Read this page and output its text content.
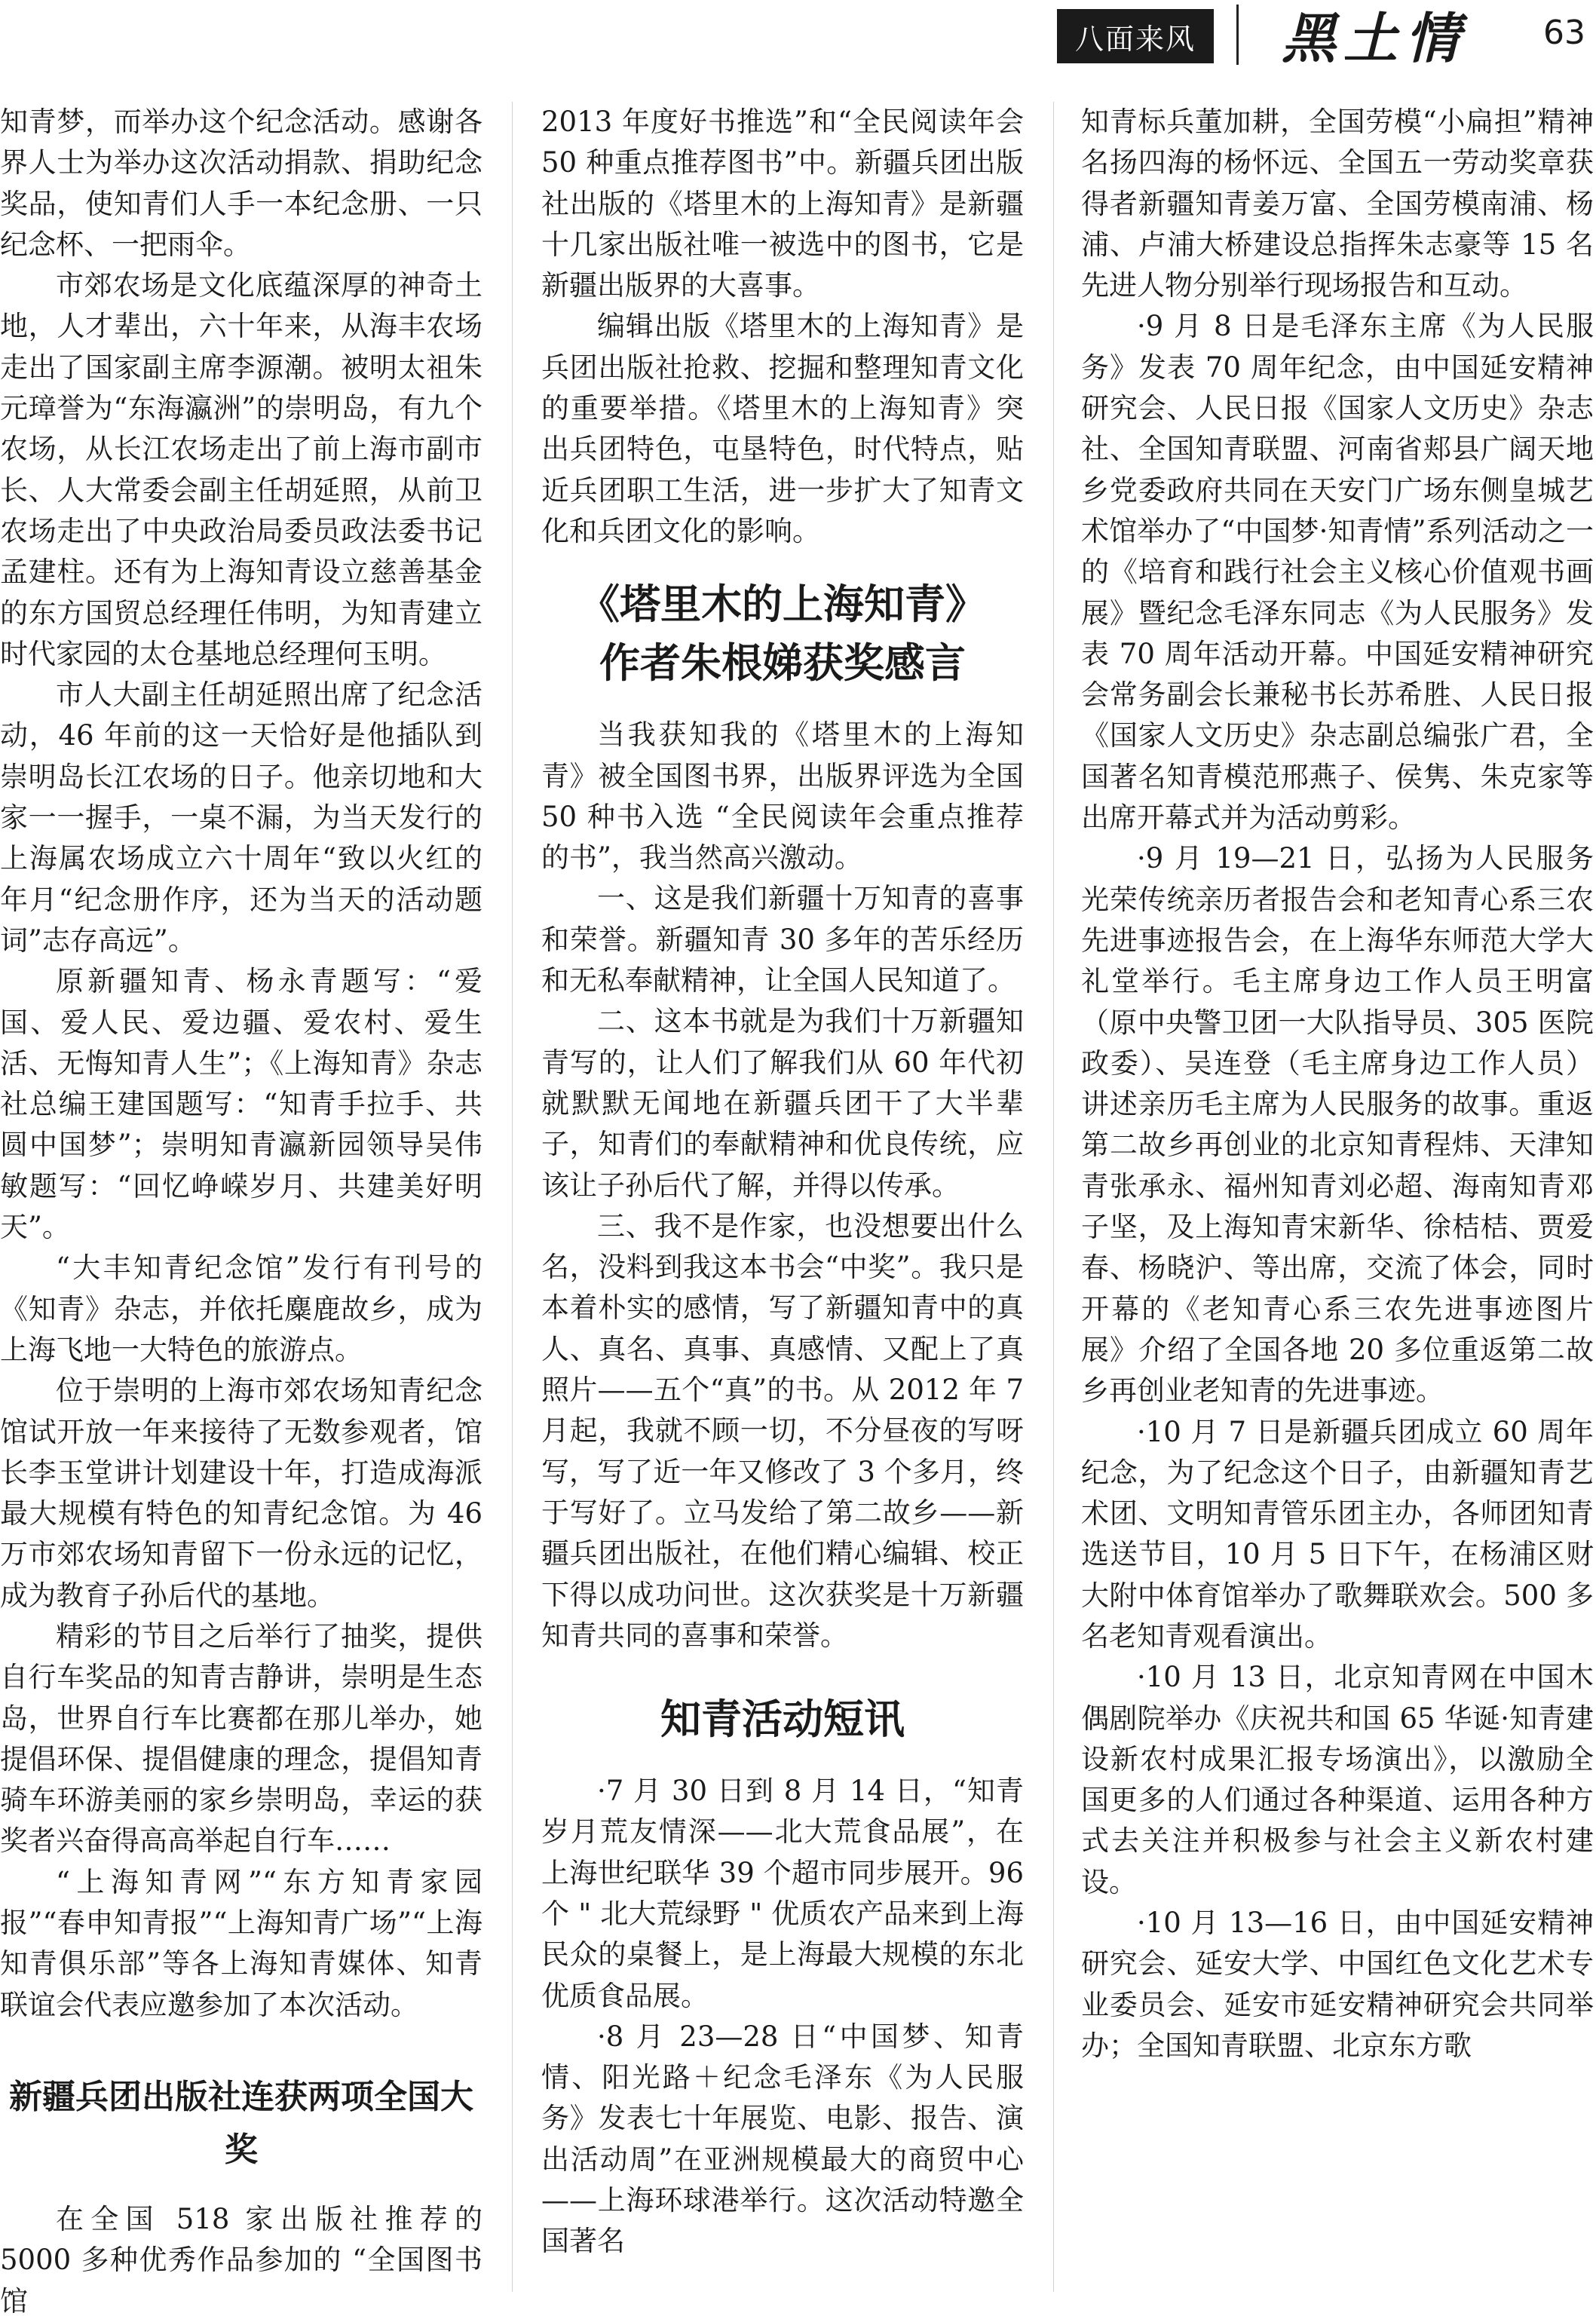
八面来风	黑土情 63

知青梦，而举办这个纪念活动。感谢各界人士为举办这次活动捐款、捐助纪念奖品，使知青们人手一本纪念册、一只纪念杯、一把雨伞。

市郊农场是文化底蕴深厚的神奇土地，人才辈出，六十年来，从海丰农场走出了国家副主席李源潮。被明太祖朱元璋誉为“东海瀛洲”的崇明岛，有九个农场，从长江农场走出了前上海市副市长、人大常委会副主任胡延照，从前卫农场走出了中央政治局委员政法委书记孟建柱。还有为上海知青设立慈善基金的东方国贸总经理任伟明，为知青建立时代家园的太仓基地总经理何玉明。

市人大副主任胡延照出席了纪念活动，46 年前的这一天恰好是他插队到崇明岛长江农场的日子。他亲切地和大家一一握手，一桌不漏，为当天发行的上海属农场成立六十周年“致以火红的年月“纪念册作序，还为当天的活动题词”志存高远”。

原新疆知青、杨永青题写：“爱国、爱人民、爱边疆、爱农村、爱生活、无悔知青人生”；《上海知青》杂志社总编王建国题写：“知青手拉手、共圆中国梦”；崇明知青瀛新园领导吴伟敏题写：“回忆峥嵘岁月、共建美好明天”。

“大丰知青纪念馆”发行有刊号的《知青》杂志，并依托麋鹿故乡，成为上海飞地一大特色的旅游点。

位于崇明的上海市郊农场知青纪念馆试开放一年来接待了无数参观者，馆长李玉堂讲计划建设十年，打造成海派最大规模有特色的知青纪念馆。为 46 万市郊农场知青留下一份永远的记忆，成为教育子孙后代的基地。

精彩的节目之后举行了抽奖，提供自行车奖品的知青吉静讲，崇明是生态岛，世界自行车比赛都在那儿举办，她提倡环保、提倡健康的理念，提倡知青骑车环游美丽的家乡崇明岛，幸运的获奖者兴奋得高高举起自行车……

“上海知青网”“东方知青家园报”“春申知青报”“上海知青广场”“上海知青俱乐部”等各上海知青媒体、知青联谊会代表应邀参加了本次活动。

新疆兵团出版社连获两项全国大奖

在全国 518 家出版社推荐的 5000 多种优秀作品参加的 “全国图书馆

2013 年度好书推选”和“全民阅读年会 50 种重点推荐图书”中。新疆兵团出版社出版的《塔里木的上海知青》是新疆十几家出版社唯一被选中的图书，它是新疆出版界的大喜事。

编辑出版《塔里木的上海知青》是兵团出版社抢救、挖掘和整理知青文化的重要举措。《塔里木的上海知青》突出兵团特色，屯垦特色，时代特点，贴近兵团职工生活，进一步扩大了知青文化和兵团文化的影响。

《塔里木的上海知青》
作者朱根娣获奖感言

当我获知我的《塔里木的上海知青》被全国图书界，出版界评选为全国 50 种书入选 “全民阅读年会重点推荐的书”，我当然高兴激动。

一、这是我们新疆十万知青的喜事和荣誉。新疆知青 30 多年的苦乐经历和无私奉献精神，让全国人民知道了。

二、这本书就是为我们十万新疆知青写的，让人们了解我们从 60 年代初就默默无闻地在新疆兵团干了大半辈子，知青们的奉献精神和优良传统，应该让子孙后代了解，并得以传承。

三、我不是作家，也没想要出什么名，没料到我这本书会“中奖”。我只是本着朴实的感情，写了新疆知青中的真人、真名、真事、真感情、又配上了真照片——五个“真”的书。从 2012 年 7 月起，我就不顾一切，不分昼夜的写呀写，写了近一年又修改了 3 个多月，终于写好了。立马发给了第二故乡——新疆兵团出版社，在他们精心编辑、校正下得以成功问世。这次获奖是十万新疆知青共同的喜事和荣誉。

知青活动短讯

·7 月 30 日到 8 月 14 日，“知青岁月荒友情深——北大荒食品展”，在上海世纪联华 39 个超市同步展开。96 个 " 北大荒绿野 " 优质农产品来到上海民众的桌餐上，是上海最大规模的东北优质食品展。

·8 月 23—28 日“中国梦、知青情、阳光路＋纪念毛泽东《为人民服务》发表七十年展览、电影、报告、演出活动周”在亚洲规模最大的商贸中心——上海环球港举行。这次活动特邀全国著名

知青标兵董加耕，全国劳模“小扁担”精神名扬四海的杨怀远、全国五一劳动奖章获得者新疆知青姜万富、全国劳模南浦、杨浦、卢浦大桥建设总指挥朱志豪等 15 名先进人物分别举行现场报告和互动。

·9 月 8 日是毛泽东主席《为人民服务》发表 70 周年纪念，由中国延安精神研究会、人民日报《国家人文历史》杂志社、全国知青联盟、河南省郏县广阔天地乡党委政府共同在天安门广场东侧皇城艺术馆举办了“中国梦·知青情”系列活动之一的《培育和践行社会主义核心价值观书画展》暨纪念毛泽东同志《为人民服务》发表 70 周年活动开幕。中国延安精神研究会常务副会长兼秘书长苏希胜、人民日报《国家人文历史》杂志副总编张广君，全国著名知青模范邢燕子、侯隽、朱克家等出席开幕式并为活动剪彩。

·9 月 19—21 日，弘扬为人民服务光荣传统亲历者报告会和老知青心系三农先进事迹报告会，在上海华东师范大学大礼堂举行。毛主席身边工作人员王明富（原中央警卫团一大队指导员、305 医院政委）、吴连登（毛主席身边工作人员）讲述亲历毛主席为人民服务的故事。重返第二故乡再创业的北京知青程炜、天津知青张承永、福州知青刘必超、海南知青邓子坚，及上海知青宋新华、徐桔桔、贾爱春、杨晓沪、等出席，交流了体会，同时开幕的《老知青心系三农先进事迹图片展》介绍了全国各地 20 多位重返第二故乡再创业老知青的先进事迹。

·10 月 7 日是新疆兵团成立 60 周年纪念，为了纪念这个日子，由新疆知青艺术团、文明知青管乐团主办，各师团知青选送节目，10 月 5 日下午，在杨浦区财大附中体育馆举办了歌舞联欢会。500 多名老知青观看演出。

·10 月 13 日，北京知青网在中国木偶剧院举办《庆祝共和国 65 华诞·知青建设新农村成果汇报专场演出》，以激励全国更多的人们通过各种渠道、运用各种方式去关注并积极参与社会主义新农村建设。

·10 月 13—16 日，由中国延安精神研究会、延安大学、中国红色文化艺术专业委员会、延安市延安精神研究会共同举办；全国知青联盟、北京东方歌
